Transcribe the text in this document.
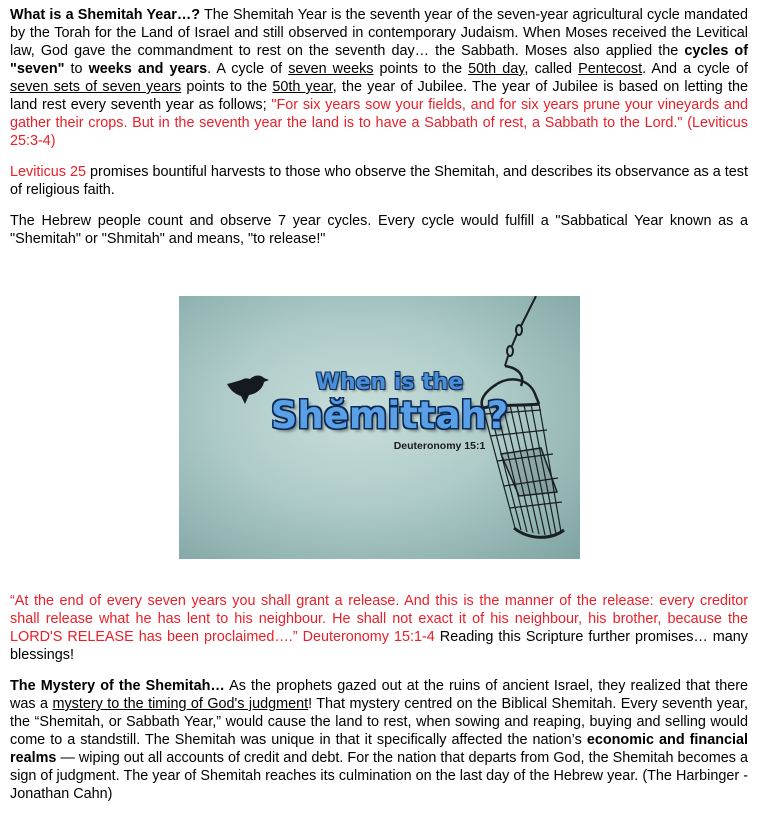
What is a Shemitah Year…? The Shemitah Year is the seventh year of the seven-year agricultural cycle mandated by the Torah for the Land of Israel and still observed in contemporary Judaism. When Moses received the Levitical law, God gave the commandment to rest on the seventh day… the Sabbath. Moses also applied the cycles of "seven" to weeks and years. A cycle of seven weeks points to the 50th day, called Pentecost. And a cycle of seven sets of seven years points to the 50th year, the year of Jubilee. The year of Jubilee is based on letting the land rest every seventh year as follows; "For six years sow your fields, and for six years prune your vineyards and gather their crops. But in the seventh year the land is to have a Sabbath of rest, a Sabbath to the Lord." (Leviticus 25:3-4)

Leviticus 25 promises bountiful harvests to those who observe the Shemitah, and describes its observance as a test of religious faith.

The Hebrew people count and observe 7 year cycles. Every cycle would fulfill a "Sabbatical Year known as a "Shemitah" or "Shmitah" and means, "to release!"

When is the
Shĕmittah?
Deuteronomy 15:1

“At the end of every seven years you shall grant a release. And this is the manner of the release: every creditor shall release what he has lent to his neighbour. He shall not exact it of his neighbour, his brother, because the LORD'S RELEASE has been proclaimed….” Deuteronomy 15:1-4 Reading this Scripture further promises… many blessings!

The Mystery of the Shemitah… As the prophets gazed out at the ruins of ancient Israel, they realized that there was a mystery to the timing of God's judgment! That mystery centred on the Biblical Shemitah. Every seventh year, the “Shemitah, or Sabbath Year,” would cause the land to rest, when sowing and reaping, buying and selling would come to a standstill. The Shemitah was unique in that it specifically affected the nation’s economic and financial realms — wiping out all accounts of credit and debt. For the nation that departs from God, the Shemitah becomes a sign of judgment. The year of Shemitah reaches its culmination on the last day of the Hebrew year. (The Harbinger - Jonathan Cahn)
